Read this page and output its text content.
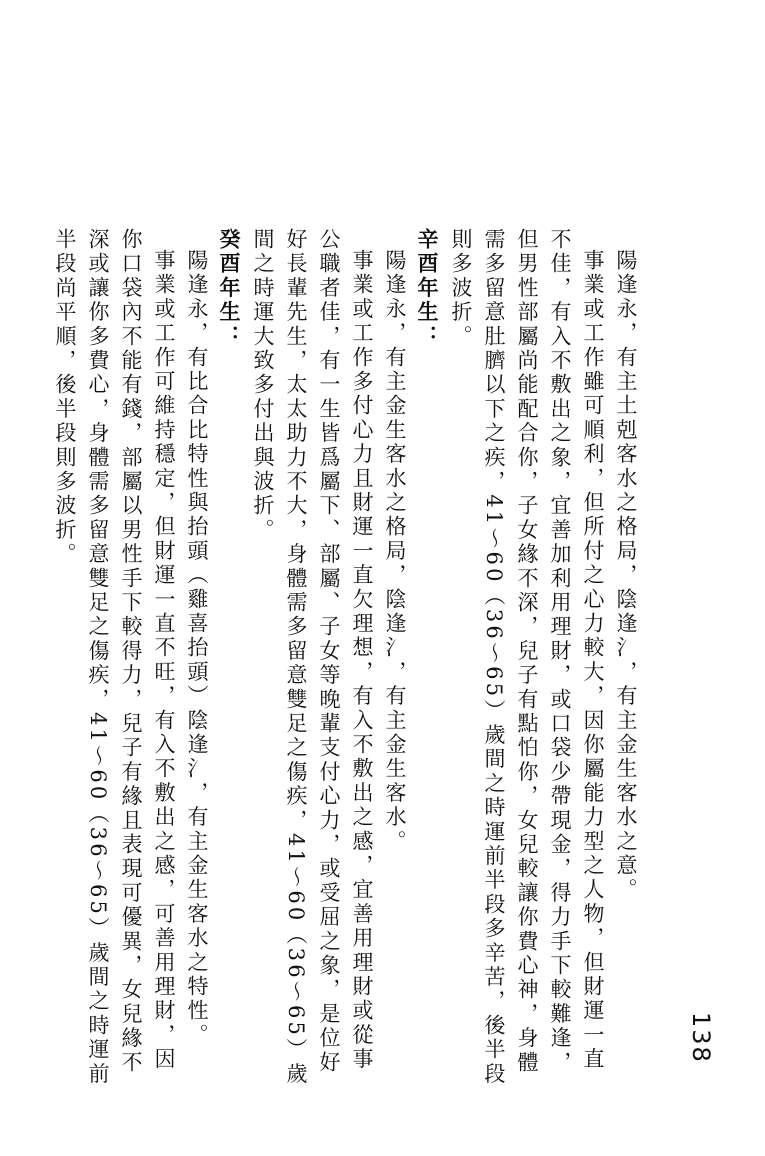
陽逢永，有主土剋客水之格局，陰逢氵，有主金生客水之意。

事業或工作雖可順利，但所付之心力較大，因你屬能力型之人物，但財運一直不佳，有入不敷出之象，宜善加利用理財，或口袋少帶現金，得力手下較難逢，但男性部屬尚能配合你，子女緣不深，兒子有點怕你，女兒較讓你費心神，身體需多留意肚臍以下之疾，41～60（36～65）歲間之時運前半段多辛苦，後半段則多波折。

辛酉年生：

陽逢永，有主金生客水之格局，陰逢氵，有主金生客水。

事業或工作多付心力且財運一直欠理想，有入不敷出之感，宜善用理財或從事公職者佳，有一生皆爲屬下、部屬、子女等晚輩支付心力，或受屈之象，是位好好長輩先生，太太助力不大，身體需多留意雙足之傷疾，41～60（36～65）歲間之時運大致多付出與波折。

癸酉年生：

陽逢永，有比合比特性與抬頭（雞喜抬頭）陰逢氵，有主金生客水之特性。

事業或工作可維持穩定，但財運一直不旺，有入不敷出之感，可善用理財，因你口袋內不能有錢，部屬以男性手下較得力，兒子有緣且表現可優異，女兒緣不深或讓你多費心，身體需多留意雙足之傷疾，41～60（36～65）歲間之時運前半段尚平順，後半段則多波折。

138
